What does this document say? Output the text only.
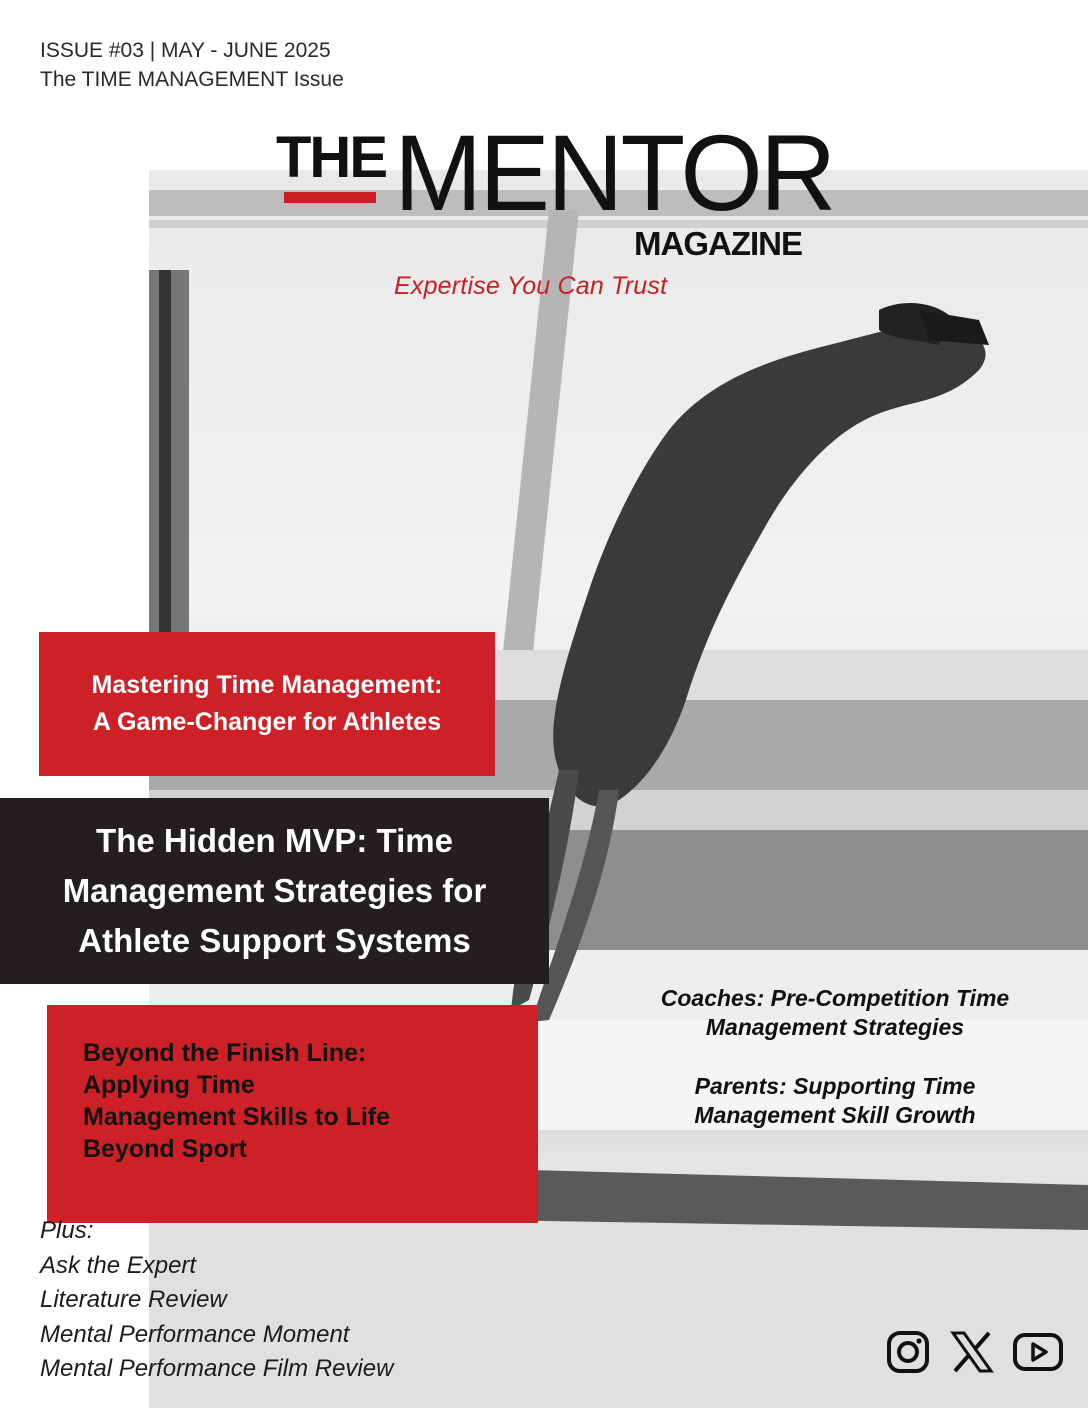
ISSUE #03 | MAY - JUNE 2025
The TIME MANAGEMENT Issue
THE MENTOR
MAGAZINE
Expertise You Can Trust
Mastering Time Management:
A Game-Changer for Athletes
The Hidden MVP: Time
Management Strategies for
Athlete Support Systems
Beyond the Finish Line:
Applying Time
Management Skills to Life
Beyond Sport
Coaches: Pre-Competition Time
Management Strategies
Parents: Supporting Time
Management Skill Growth
Plus:
Ask the Expert
Literature Review
Mental Performance Moment
Mental Performance Film Review
